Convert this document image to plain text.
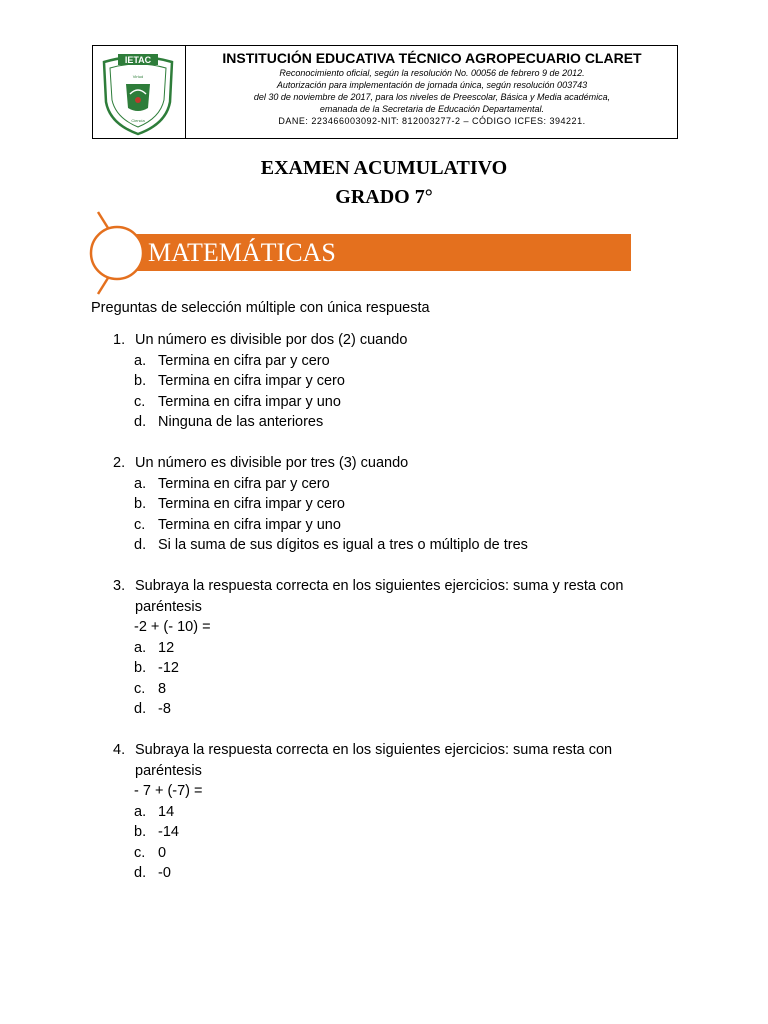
IETAC
Virtud
Ciencia
INSTITUCIÓN EDUCATIVA TÉCNICO AGROPECUARIO CLARET
Reconocimiento oficial, según la resolución No. 00056 de febrero 9 de 2012.
Autorización para implementación de jornada única, según resolución 003743
del 30 de noviembre de 2017, para los niveles de Preescolar, Básica y Media académica,
emanada de la Secretaria de Educación Departamental.
DANE: 223466003092-NIT: 812003277-2 – CÓDIGO ICFES: 394221.
EXAMEN ACUMULATIVO
GRADO 7°
MATEMÁTICAS
Preguntas de selección múltiple con única respuesta
1. Un número es divisible por dos (2) cuando
a. Termina en cifra par y cero
b. Termina en cifra impar y cero
c. Termina en cifra impar y uno
d. Ninguna de las anteriores
2. Un número es divisible por tres (3) cuando
a. Termina en cifra par y cero
b. Termina en cifra impar y cero
c. Termina en cifra impar y uno
d. Si la suma de sus dígitos es igual a tres o múltiplo de tres
3. Subraya la respuesta correcta en los siguientes ejercicios: suma y resta con
paréntesis
-2 + (- 10) =
a. 12
b. -12
c. 8
d. -8
4. Subraya la respuesta correcta en los siguientes ejercicios: suma resta con
paréntesis
- 7 + (-7) =
a. 14
b. -14
c. 0
d. -0
